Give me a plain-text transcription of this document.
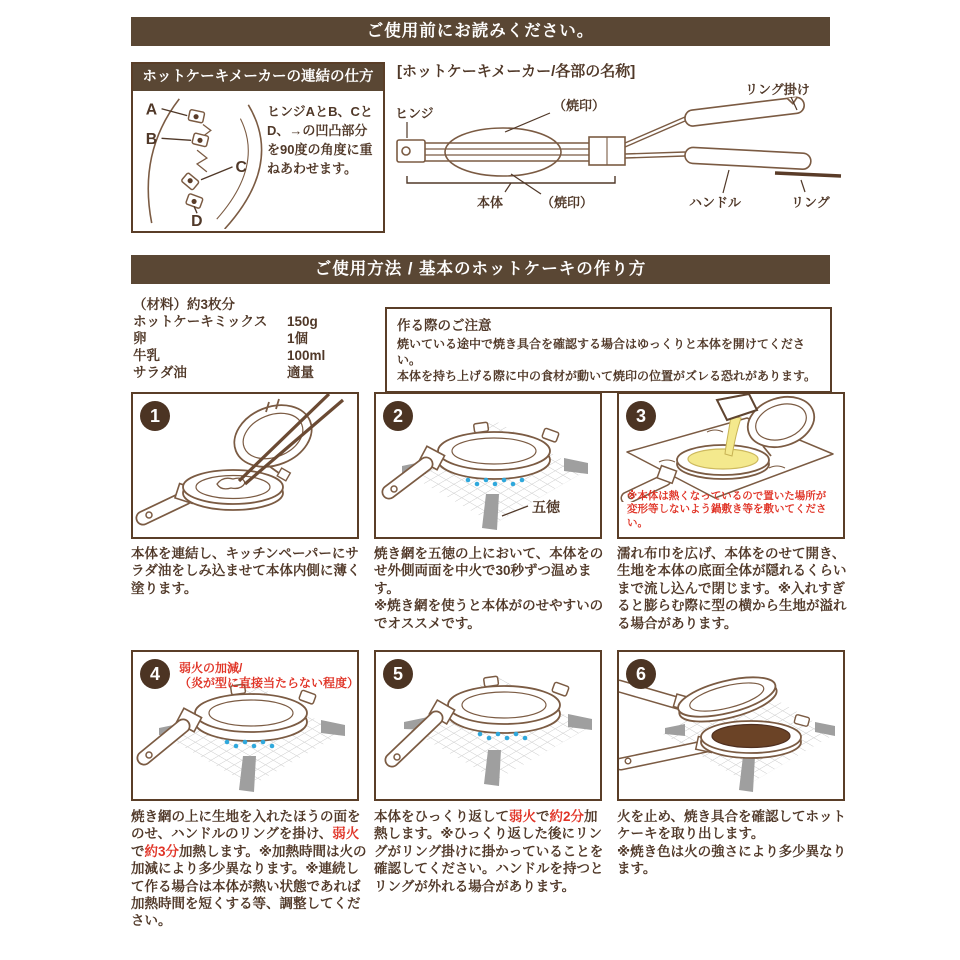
ご使用前にお読みください。
ホットケーキメーカーの連結の仕方
A
B
C
D
ヒンジAとB、CとD、→の凹凸部分を90度の角度に重ねあわせます。
[ホットケーキメーカー/各部の名称]
ヒンジ
（焼印）
リング掛け
本体	（焼印）	ハンドル	リング
ご使用方法 / 基本のホットケーキの作り方
（材料）約3枚分
ホットケーキミックス	150g
卵	1個
牛乳	100ml
サラダ油	適量
作る際のご注意
焼いている途中で焼き具合を確認する場合はゆっくりと本体を開けてください。
本体を持ち上げる際に中の食材が動いて焼印の位置がズレる恐れがあります。
1
本体を連結し、キッチンペーパーにサラダ油をしみ込ませて本体内側に薄く塗ります。
五徳
2
焼き網を五徳の上において、本体をのせ外側両面を中火で30秒ずつ温めます。
※焼き網を使うと本体がのせやすいのでオススメです。
※本体は熱くなっているので置いた場所が変形等しないよう鍋敷き等を敷いてください。
3
濡れ布巾を広げ、本体をのせて開き、生地を本体の底面全体が隠れるくらいまで流し込んで閉じます。※入れすぎると膨らむ際に型の横から生地が溢れる場合があります。
弱火の加減/
（炎が型に直接当たらない程度）
4
焼き網の上に生地を入れたほうの面をのせ、ハンドルのリングを掛け、弱火で約3分加熱します。※加熱時間は火の加減により多少異なります。※連続して作る場合は本体が熱い状態であれば加熱時間を短くする等、調整してください。
5
本体をひっくり返して弱火で約2分加熱します。※ひっくり返した後にリングがリング掛けに掛かっていることを確認してください。ハンドルを持つとリングが外れる場合があります。
6
火を止め、焼き具合を確認してホットケーキを取り出します。
※焼き色は火の強さにより多少異なります。
